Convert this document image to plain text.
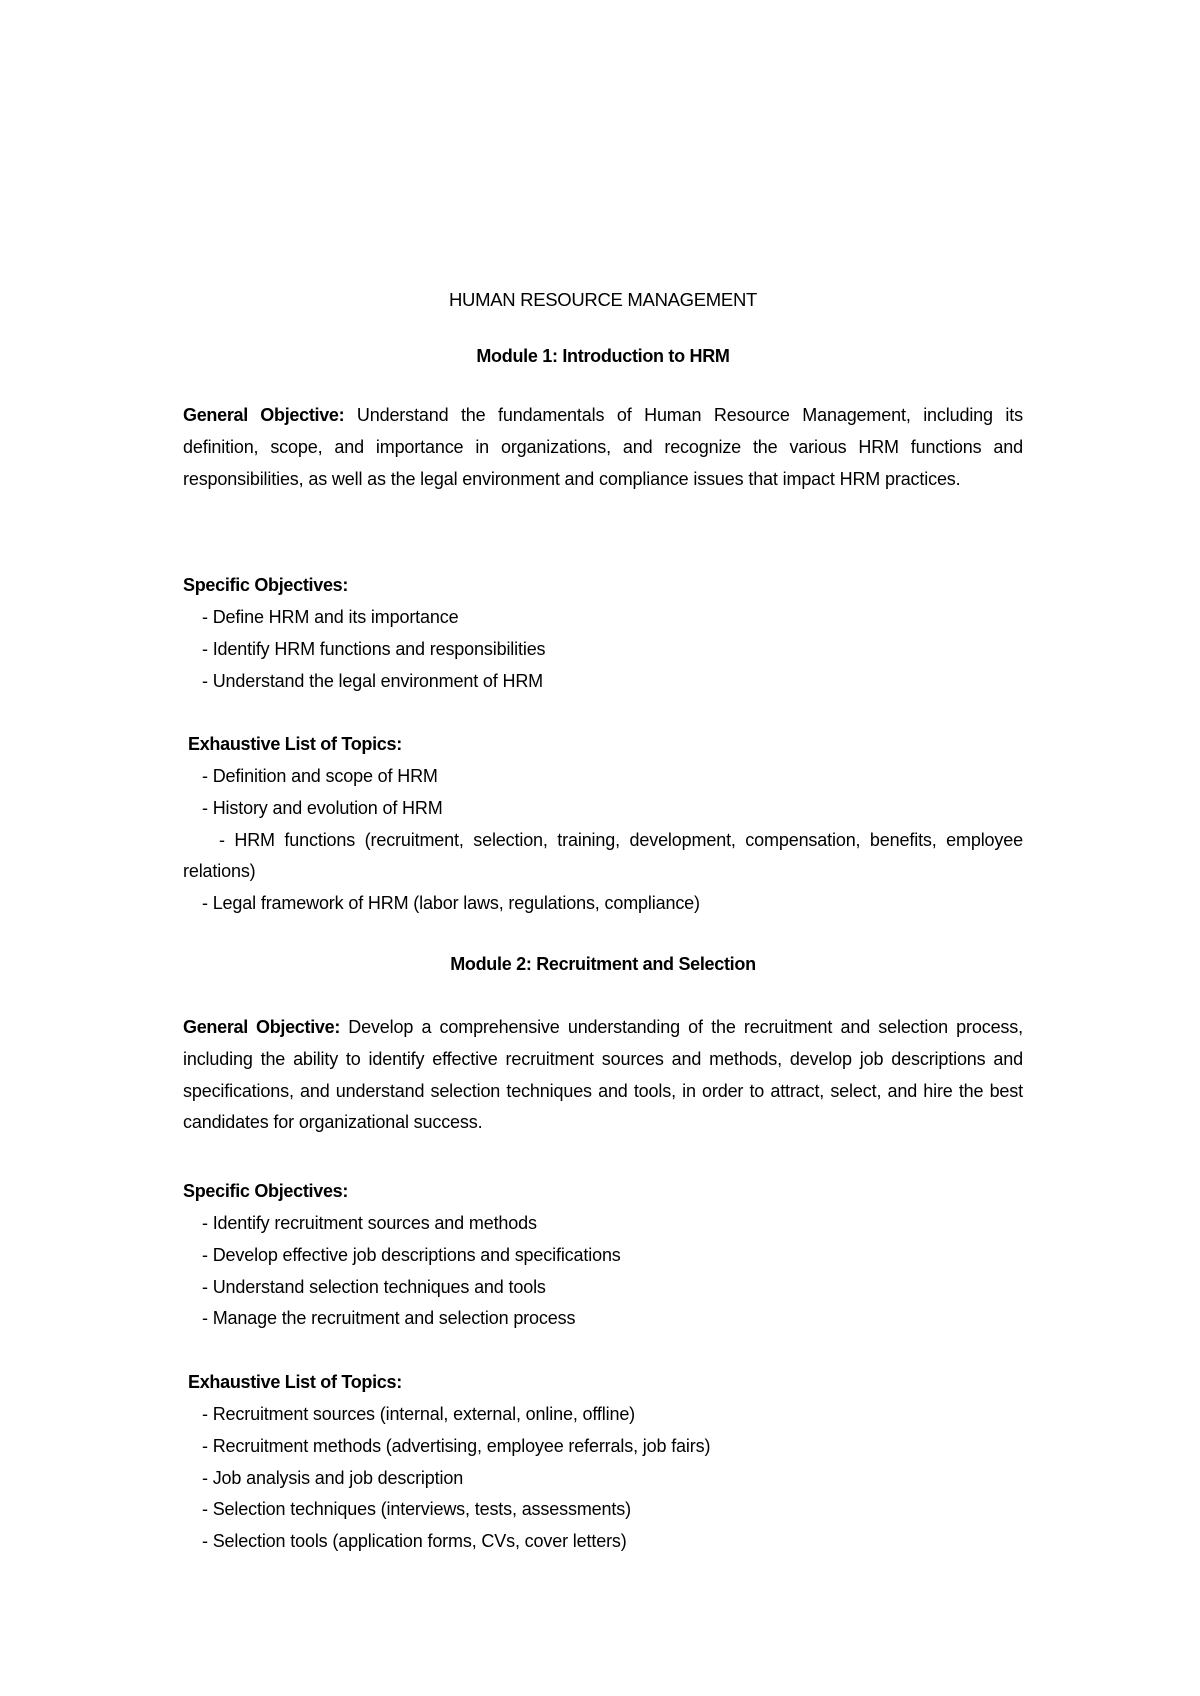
HUMAN RESOURCE MANAGEMENT
Module 1: Introduction to HRM
General Objective: Understand the fundamentals of Human Resource Management, including its definition, scope, and importance in organizations, and recognize the various HRM functions and responsibilities, as well as the legal environment and compliance issues that impact HRM practices.
Specific Objectives:
- Define HRM and its importance
- Identify HRM functions and responsibilities
- Understand the legal environment of HRM
Exhaustive List of Topics:
- Definition and scope of HRM
- History and evolution of HRM
- HRM functions (recruitment, selection, training, development, compensation, benefits, employee relations)
- Legal framework of HRM (labor laws, regulations, compliance)
Module 2: Recruitment and Selection
General Objective: Develop a comprehensive understanding of the recruitment and selection process, including the ability to identify effective recruitment sources and methods, develop job descriptions and specifications, and understand selection techniques and tools, in order to attract, select, and hire the best candidates for organizational success.
Specific Objectives:
- Identify recruitment sources and methods
- Develop effective job descriptions and specifications
- Understand selection techniques and tools
- Manage the recruitment and selection process
Exhaustive List of Topics:
- Recruitment sources (internal, external, online, offline)
- Recruitment methods (advertising, employee referrals, job fairs)
- Job analysis and job description
- Selection techniques (interviews, tests, assessments)
- Selection tools (application forms, CVs, cover letters)
